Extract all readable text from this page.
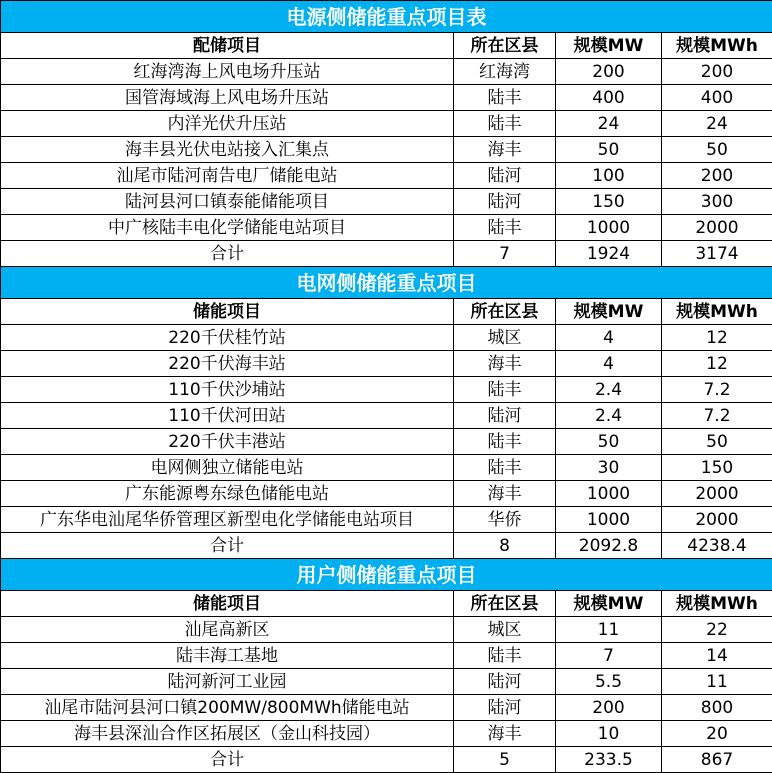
电源侧储能重点项目表			
配储项目	所在区县	规模MW	规模MWh
红海湾海上风电场升压站	红海湾	200	200
国管海域海上风电场升压站	陆丰	400	400
内洋光伏升压站	陆丰	24	24
海丰县光伏电站接入汇集点	海丰	50	50
汕尾市陆河南告电厂储能电站	陆河	100	200
陆河县河口镇泰能储能项目	陆河	150	300
中广核陆丰电化学储能电站项目	陆丰	1000	2000
合计	7	1924	3174
电网侧储能重点项目			
储能项目	所在区县	规模MW	规模MWh
220千伏桂竹站	城区	4	12
220千伏海丰站	海丰	4	12
110千伏沙埔站	陆丰	2.4	7.2
110千伏河田站	陆河	2.4	7.2
220千伏丰港站	陆丰	50	50
电网侧独立储能电站	陆丰	30	150
广东能源粤东绿色储能电站	海丰	1000	2000
广东华电汕尾华侨管理区新型电化学储能电站项目	华侨	1000	2000
合计	8	2092.8	4238.4
用户侧储能重点项目			
储能项目	所在区县	规模MW	规模MWh
汕尾高新区	城区	11	22
陆丰海工基地	陆丰	7	14
陆河新河工业园	陆河	5.5	11
汕尾市陆河县河口镇200MW/800MWh储能电站	陆河	200	800
海丰县深汕合作区拓展区（金山科技园）	海丰	10	20
合计	5	233.5	867
